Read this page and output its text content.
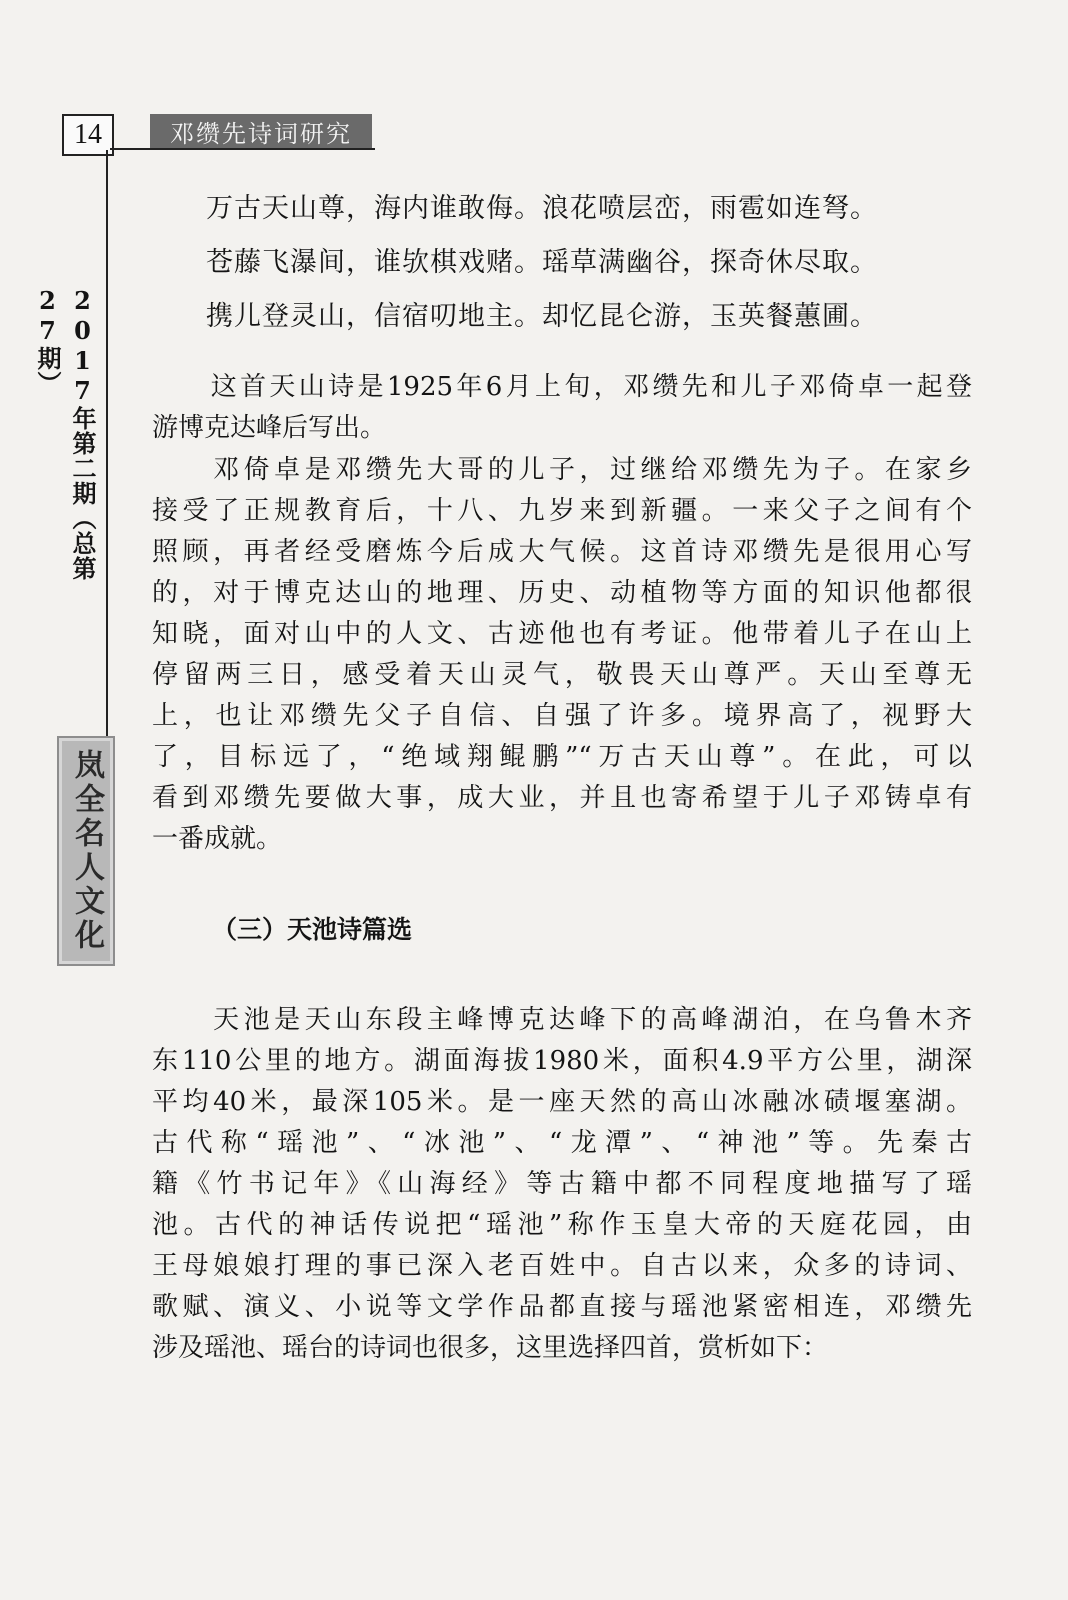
14	邓缵先诗词研究
2017年第二期（总第27期）
岚全名人文化
万古天山尊，海内谁敢侮。浪花喷层峦，雨雹如连弩。
苍藤飞瀑间，谁欤棋戏赌。瑶草满幽谷，探奇休尽取。
携儿登灵山，信宿叨地主。却忆昆仑游，玉英餐蕙圃。
　　这首天山诗是1925年6月上旬，邓缵先和儿子邓倚卓一起登
游博克达峰后写出。
　　邓倚卓是邓缵先大哥的儿子，过继给邓缵先为子。在家乡
接受了正规教育后，十八、九岁来到新疆。一来父子之间有个
照顾，再者经受磨炼今后成大气候。这首诗邓缵先是很用心写
的，对于博克达山的地理、历史、动植物等方面的知识他都很
知晓，面对山中的人文、古迹他也有考证。他带着儿子在山上
停留两三日，感受着天山灵气，敬畏天山尊严。天山至尊无
上，也让邓缵先父子自信、自强了许多。境界高了，视野大
了，目标远了，“绝域翔鲲鹏”“万古天山尊”。在此，可以
看到邓缵先要做大事，成大业，并且也寄希望于儿子邓铸卓有
一番成就。
（三）天池诗篇选
　　天池是天山东段主峰博克达峰下的高峰湖泊，在乌鲁木齐
东110公里的地方。湖面海拔1980米，面积4.9平方公里，湖深
平均40米，最深105米。是一座天然的高山冰融冰碛堰塞湖。
古代称“瑶池”、“冰池”、“龙潭”、“神池”等。先秦古
籍《竹书记年》《山海经》等古籍中都不同程度地描写了瑶
池。古代的神话传说把“瑶池”称作玉皇大帝的天庭花园，由
王母娘娘打理的事已深入老百姓中。自古以来，众多的诗词、
歌赋、演义、小说等文学作品都直接与瑶池紧密相连，邓缵先
涉及瑶池、瑶台的诗词也很多，这里选择四首，赏析如下：
